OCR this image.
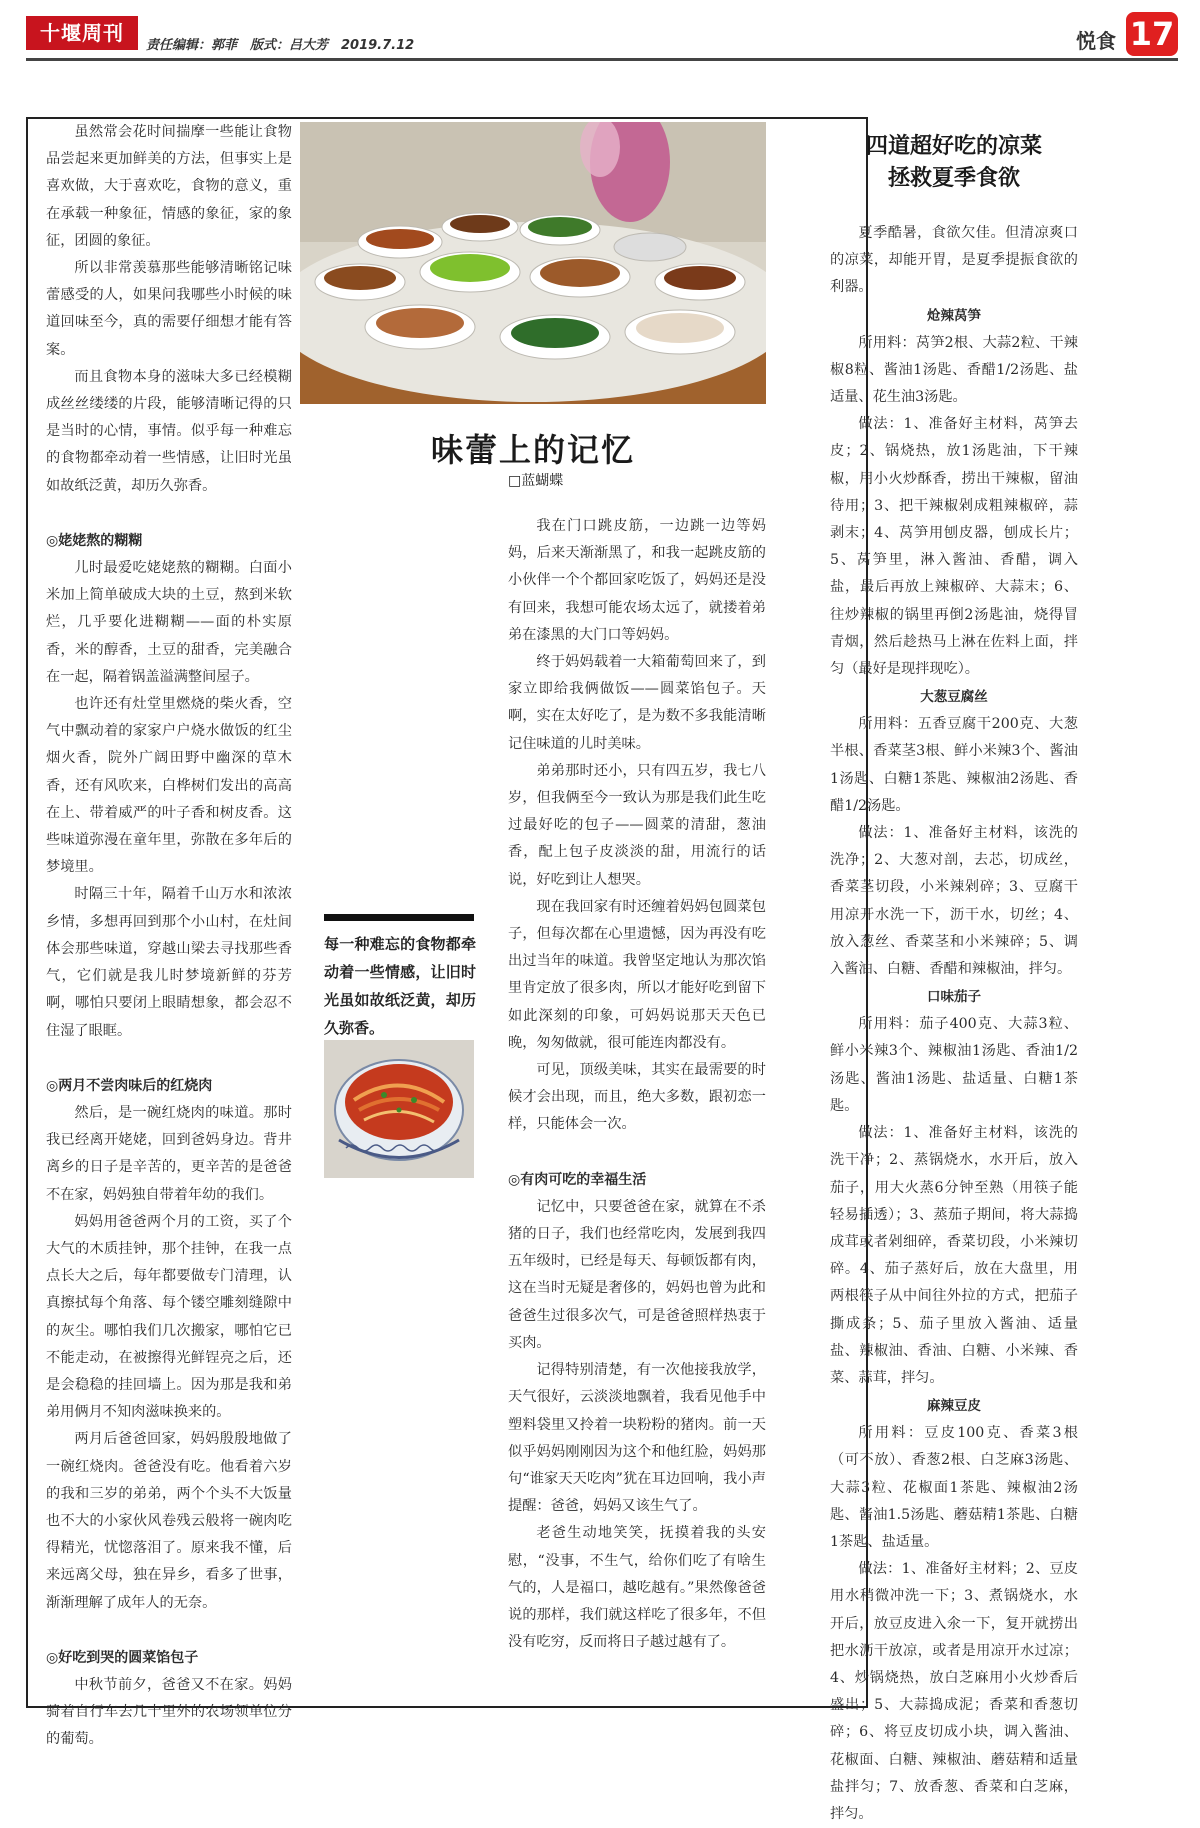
十堰周刊
责任编辑：郭菲　版式：吕大芳　2019.7.12	悦食 17

虽然常会花时间揣摩一些能让食物品尝起来更加鲜美的方法，但事实上是喜欢做，大于喜欢吃，食物的意义，重在承载一种象征，情感的象征，家的象征，团圆的象征。

所以非常羡慕那些能够清晰铭记味蕾感受的人，如果问我哪些小时候的味道回味至今，真的需要仔细想才能有答案。

而且食物本身的滋味大多已经模糊成丝丝缕缕的片段，能够清晰记得的只是当时的心情，事情。似乎每一种难忘的食物都牵动着一些情感，让旧时光虽如故纸泛黄，却历久弥香。

◎姥姥熬的糊糊

儿时最爱吃姥姥熬的糊糊。白面小米加上简单破成大块的土豆，熬到米软烂，几乎要化进糊糊——面的朴实原香，米的醇香，土豆的甜香，完美融合在一起，隔着锅盖溢满整间屋子。

也许还有灶堂里燃烧的柴火香，空气中飘动着的家家户户烧水做饭的红尘烟火香，院外广阔田野中幽深的草木香，还有风吹来，白桦树们发出的高高在上、带着威严的叶子香和树皮香。这些味道弥漫在童年里，弥散在多年后的梦境里。

时隔三十年，隔着千山万水和浓浓乡情，多想再回到那个小山村，在灶间体会那些味道，穿越山梁去寻找那些香气，它们就是我儿时梦境新鲜的芬芳啊，哪怕只要闭上眼睛想象，都会忍不住湿了眼眶。

◎两月不尝肉味后的红烧肉

然后，是一碗红烧肉的味道。那时我已经离开姥姥，回到爸妈身边。背井离乡的日子是辛苦的，更辛苦的是爸爸不在家，妈妈独自带着年幼的我们。

妈妈用爸爸两个月的工资，买了个大气的木质挂钟，那个挂钟，在我一点点长大之后，每年都要做专门清理，认真擦拭每个角落、每个镂空雕刻缝隙中的灰尘。哪怕我们几次搬家，哪怕它已不能走动，在被擦得光鲜锃亮之后，还是会稳稳的挂回墙上。因为那是我和弟弟用俩月不知肉滋味换来的。

两月后爸爸回家，妈妈殷殷地做了一碗红烧肉。爸爸没有吃。他看着六岁的我和三岁的弟弟，两个个头不大饭量也不大的小家伙风卷残云般将一碗肉吃得精光，忧惚落泪了。原来我不懂，后来远离父母，独在异乡，看多了世事，渐渐理解了成年人的无奈。

◎好吃到哭的圆菜馅包子

中秋节前夕，爸爸又不在家。妈妈骑着自行车去几十里外的农场领单位分的葡萄。

味蕾上的记忆
□蓝蝴蝶

我在门口跳皮筋，一边跳一边等妈妈，后来天渐渐黑了，和我一起跳皮筋的小伙伴一个个都回家吃饭了，妈妈还是没有回来，我想可能农场太远了，就搂着弟弟在漆黑的大门口等妈妈。

终于妈妈载着一大箱葡萄回来了，到家立即给我俩做饭——圆菜馅包子。天啊，实在太好吃了，是为数不多我能清晰记住味道的儿时美味。

弟弟那时还小，只有四五岁，我七八岁，但我俩至今一致认为那是我们此生吃过最好吃的包子——圆菜的清甜，葱油香，配上包子皮淡淡的甜，用流行的话说，好吃到让人想哭。

现在我回家有时还缠着妈妈包圆菜包子，但每次都在心里遗憾，因为再没有吃出过当年的味道。我曾坚定地认为那次馅里肯定放了很多肉，所以才能好吃到留下如此深刻的印象，可妈妈说那天天色已晚，匆匆做就，很可能连肉都没有。

可见，顶级美味，其实在最需要的时候才会出现，而且，绝大多数，跟初恋一样，只能体会一次。

◎有肉可吃的幸福生活

记忆中，只要爸爸在家，就算在不杀猪的日子，我们也经常吃肉，发展到我四五年级时，已经是每天、每顿饭都有肉，这在当时无疑是奢侈的，妈妈也曾为此和爸爸生过很多次气，可是爸爸照样热衷于买肉。

记得特别清楚，有一次他接我放学，天气很好，云淡淡地飘着，我看见他手中塑料袋里又拎着一块粉粉的猪肉。前一天似乎妈妈刚刚因为这个和他红脸，妈妈那句“谁家天天吃肉”犹在耳边回响，我小声提醒：爸爸，妈妈又该生气了。

老爸生动地笑笑，抚摸着我的头安慰，“没事，不生气，给你们吃了有啥生气的，人是福口，越吃越有。”果然像爸爸说的那样，我们就这样吃了很多年，不但没有吃穷，反而将日子越过越有了。

每一种难忘的食物都牵动着一些情感，让旧时光虽如故纸泛黄，却历久弥香。
四道超好吃的凉菜
拯救夏季食欲

夏季酷暑，食欲欠佳。但清凉爽口的凉菜，却能开胃，是夏季提振食欲的利器。

炝辣莴笋

所用料：莴笋2根、大蒜2粒、干辣椒8粒、酱油1汤匙、香醋1/2汤匙、盐适量、花生油3汤匙。

做法：1、准备好主材料，莴笋去皮；2、锅烧热，放1汤匙油，下干辣椒，用小火炒酥香，捞出干辣椒，留油待用；3、把干辣椒剁成粗辣椒碎，蒜剥末；4、莴笋用刨皮器，刨成长片；5、莴笋里，淋入酱油、香醋，调入盐，最后再放上辣椒碎、大蒜末；6、往炒辣椒的锅里再倒2汤匙油，烧得冒青烟，然后趁热马上淋在佐料上面，拌匀（最好是现拌现吃）。

大葱豆腐丝

所用料：五香豆腐干200克、大葱半根、香菜茎3根、鲜小米辣3个、酱油1汤匙、白糖1茶匙、辣椒油2汤匙、香醋1/2汤匙。

做法：1、准备好主材料，该洗的洗净；2、大葱对剖，去芯，切成丝，香菜茎切段，小米辣剁碎；3、豆腐干用凉开水洗一下，沥干水，切丝；4、放入葱丝、香菜茎和小米辣碎；5、调入酱油、白糖、香醋和辣椒油，拌匀。

口味茄子

所用料：茄子400克、大蒜3粒、鲜小米辣3个、辣椒油1汤匙、香油1/2汤匙、酱油1汤匙、盐适量、白糖1茶匙。

做法：1、准备好主材料，该洗的洗干净；2、蒸锅烧水，水开后，放入茄子，用大火蒸6分钟至熟（用筷子能轻易插透）；3、蒸茄子期间，将大蒜捣成茸或者剁细碎，香菜切段，小米辣切碎。4、茄子蒸好后，放在大盘里，用两根筷子从中间往外拉的方式，把茄子撕成条；5、茄子里放入酱油、适量盐、辣椒油、香油、白糖、小米辣、香菜、蒜茸，拌匀。

麻辣豆皮

所用料：豆皮100克、香菜3根（可不放）、香葱2根、白芝麻3汤匙、大蒜3粒、花椒面1茶匙、辣椒油2汤匙、酱油1.5汤匙、蘑菇精1茶匙、白糖1茶匙、盐适量。

做法：1、准备好主材料；2、豆皮用水稍微冲洗一下；3、煮锅烧水，水开后，放豆皮进入氽一下，复开就捞出把水沥干放凉，或者是用凉开水过凉；4、炒锅烧热，放白芝麻用小火炒香后盛出；5、大蒜捣成泥；香菜和香葱切碎；6、将豆皮切成小块，调入酱油、花椒面、白糖、辣椒油、蘑菇精和适量盐拌匀；7、放香葱、香菜和白芝麻，拌匀。
